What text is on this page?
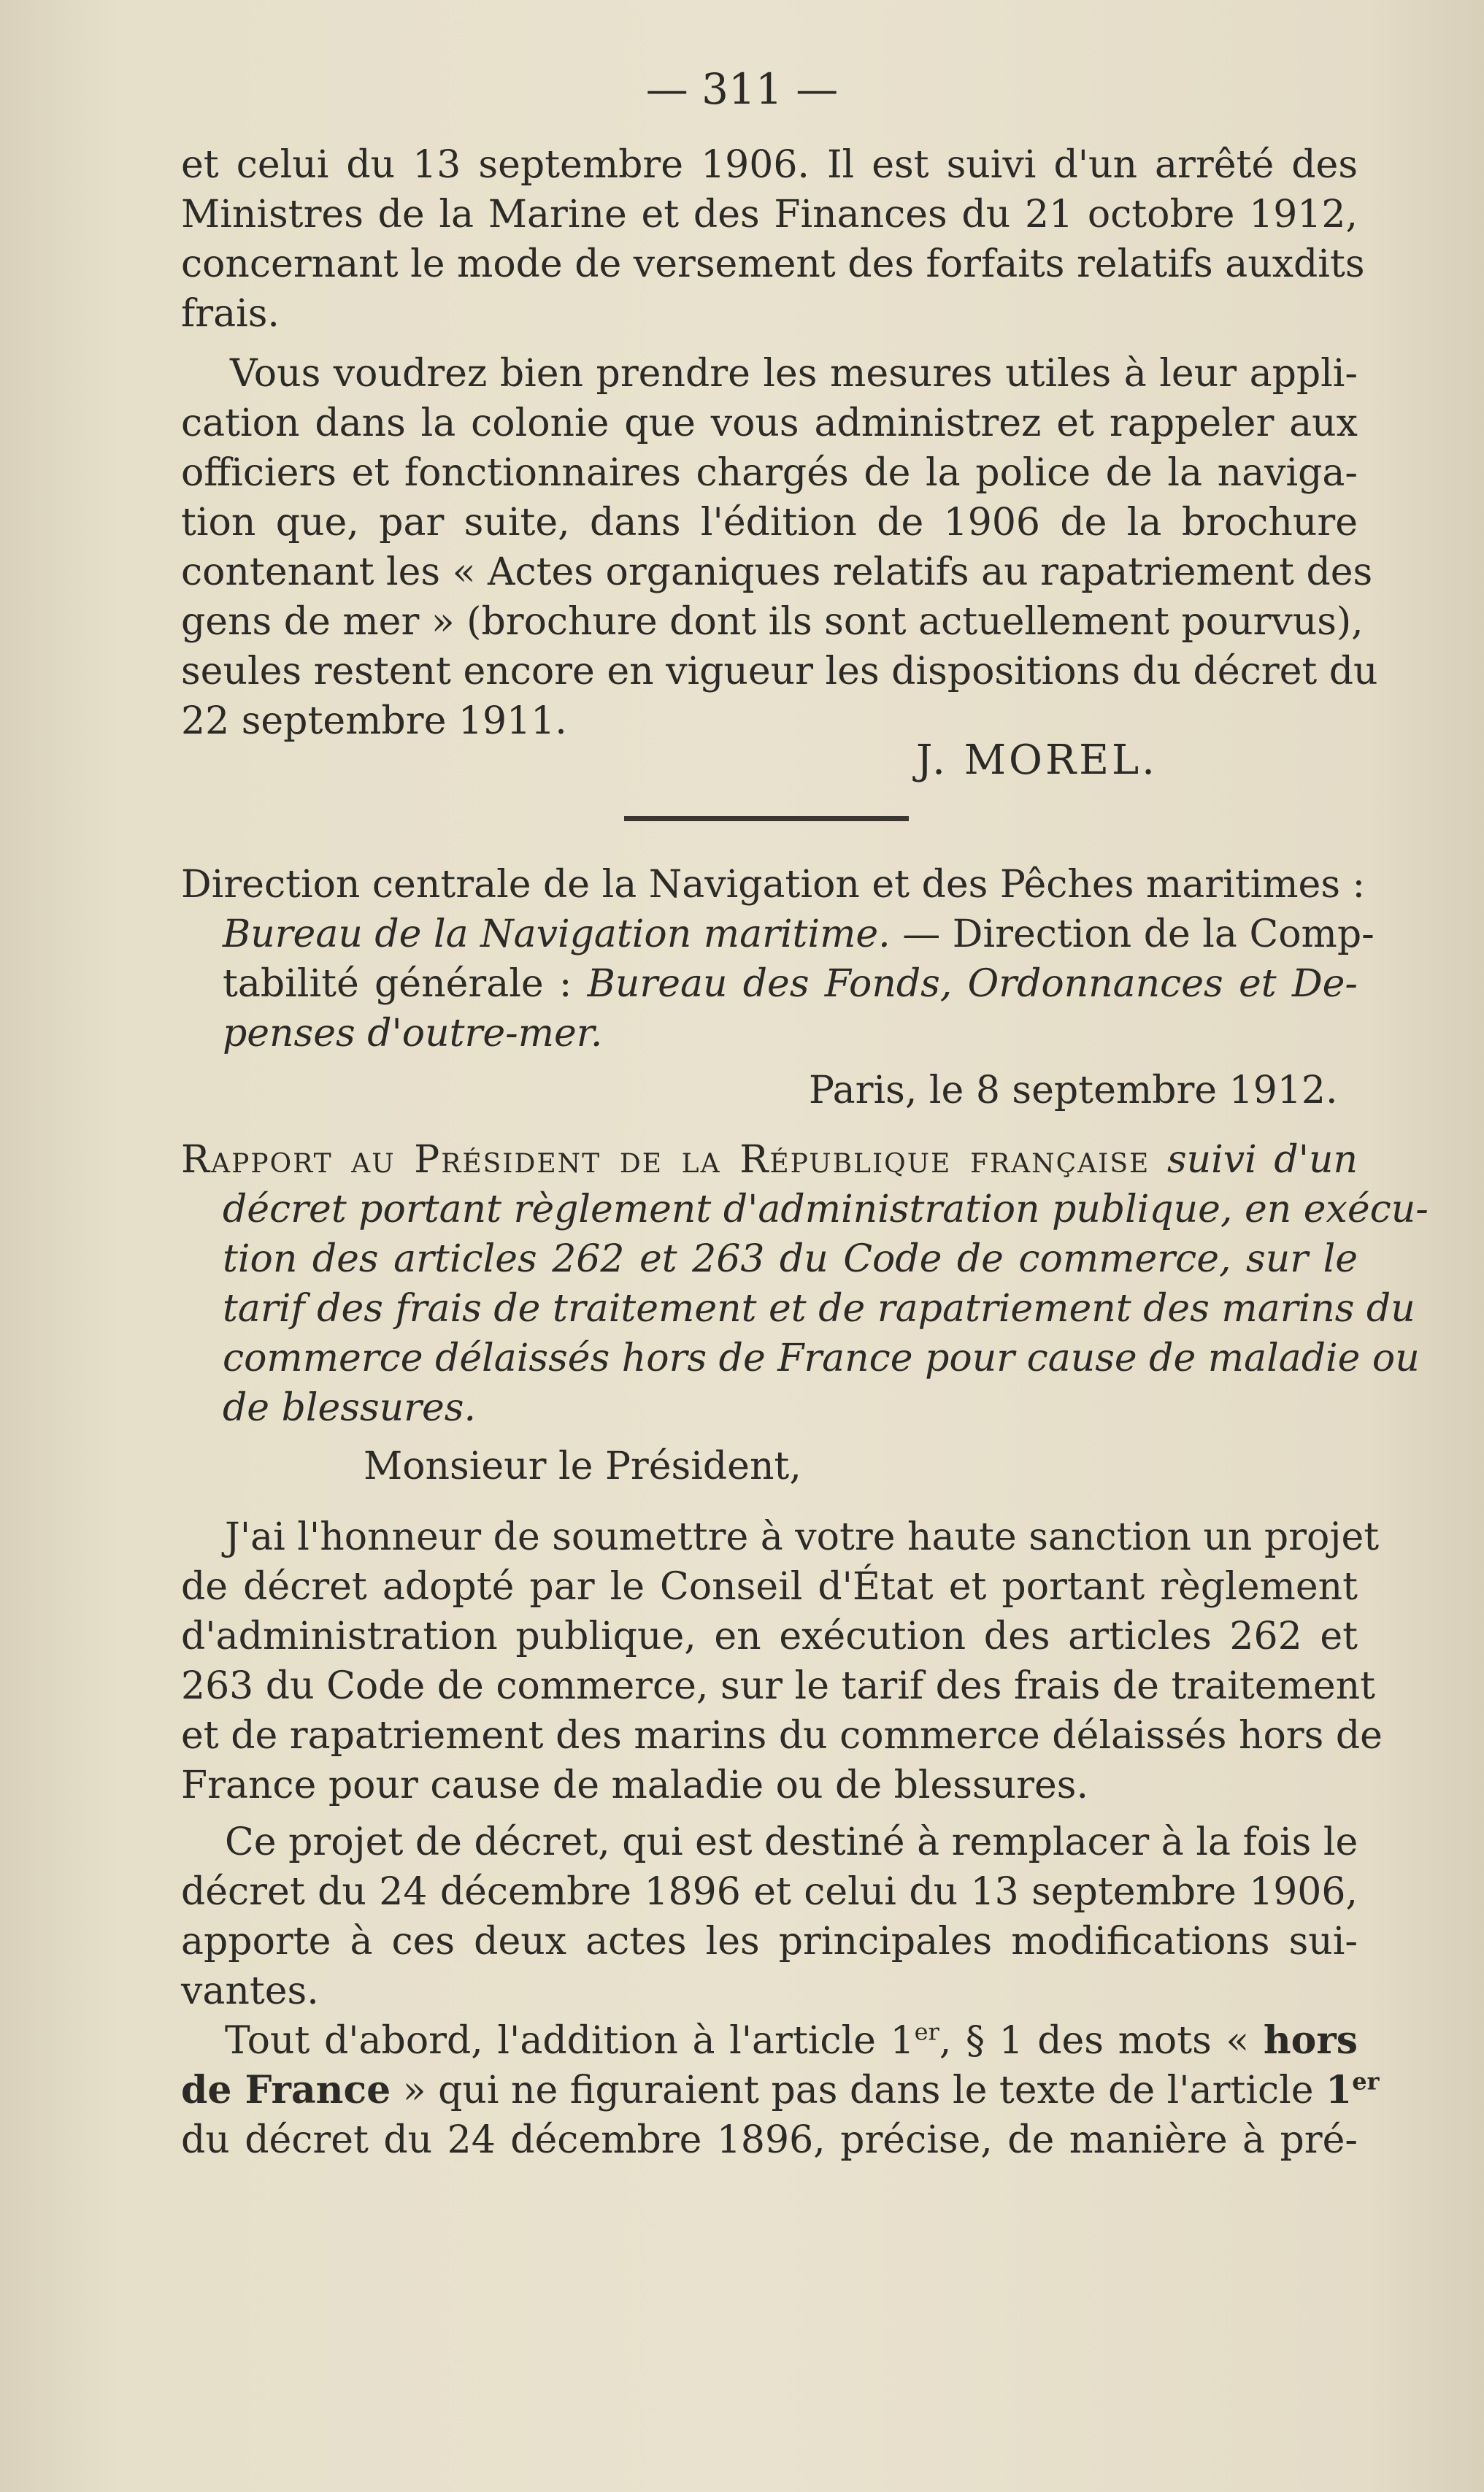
— 311 —
et celui du 13 septembre 1906. Il est suivi d'un arrêté des
Ministres de la Marine et des Finances du 21 octobre 1912,
concernant le mode de versement des forfaits relatifs auxdits
frais.
Vous voudrez bien prendre les mesures utiles à leur appli-
cation dans la colonie que vous administrez et rappeler aux
officiers et fonctionnaires chargés de la police de la naviga-
tion que, par suite, dans l'édition de 1906 de la brochure
contenant les « Actes organiques relatifs au rapatriement des
gens de mer » (brochure dont ils sont actuellement pourvus),
seules restent encore en vigueur les dispositions du décret du
22 septembre 1911.
J. MOREL.
Direction centrale de la Navigation et des Pêches maritimes :
Bureau de la Navigation maritime. — Direction de la Comp-
tabilité générale : Bureau des Fonds, Ordonnances et De-
penses d'outre-mer.
Paris, le 8 septembre 1912.
Rapport au Président de la République française suivi d'un
décret portant règlement d'administration publique, en exécu-
tion des articles 262 et 263 du Code de commerce, sur le
tarif des frais de traitement et de rapatriement des marins du
commerce délaissés hors de France pour cause de maladie ou
de blessures.
Monsieur le Président,
J'ai l'honneur de soumettre à votre haute sanction un projet
de décret adopté par le Conseil d'État et portant règlement
d'administration publique, en exécution des articles 262 et
263 du Code de commerce, sur le tarif des frais de traitement
et de rapatriement des marins du commerce délaissés hors de
France pour cause de maladie ou de blessures.
Ce projet de décret, qui est destiné à remplacer à la fois le
décret du 24 décembre 1896 et celui du 13 septembre 1906,
apporte à ces deux actes les principales modifications sui-
vantes.
Tout d'abord, l'addition à l'article 1er, § 1 des mots « hors
de France » qui ne figuraient pas dans le texte de l'article 1er
du décret du 24 décembre 1896, précise, de manière à pré-
